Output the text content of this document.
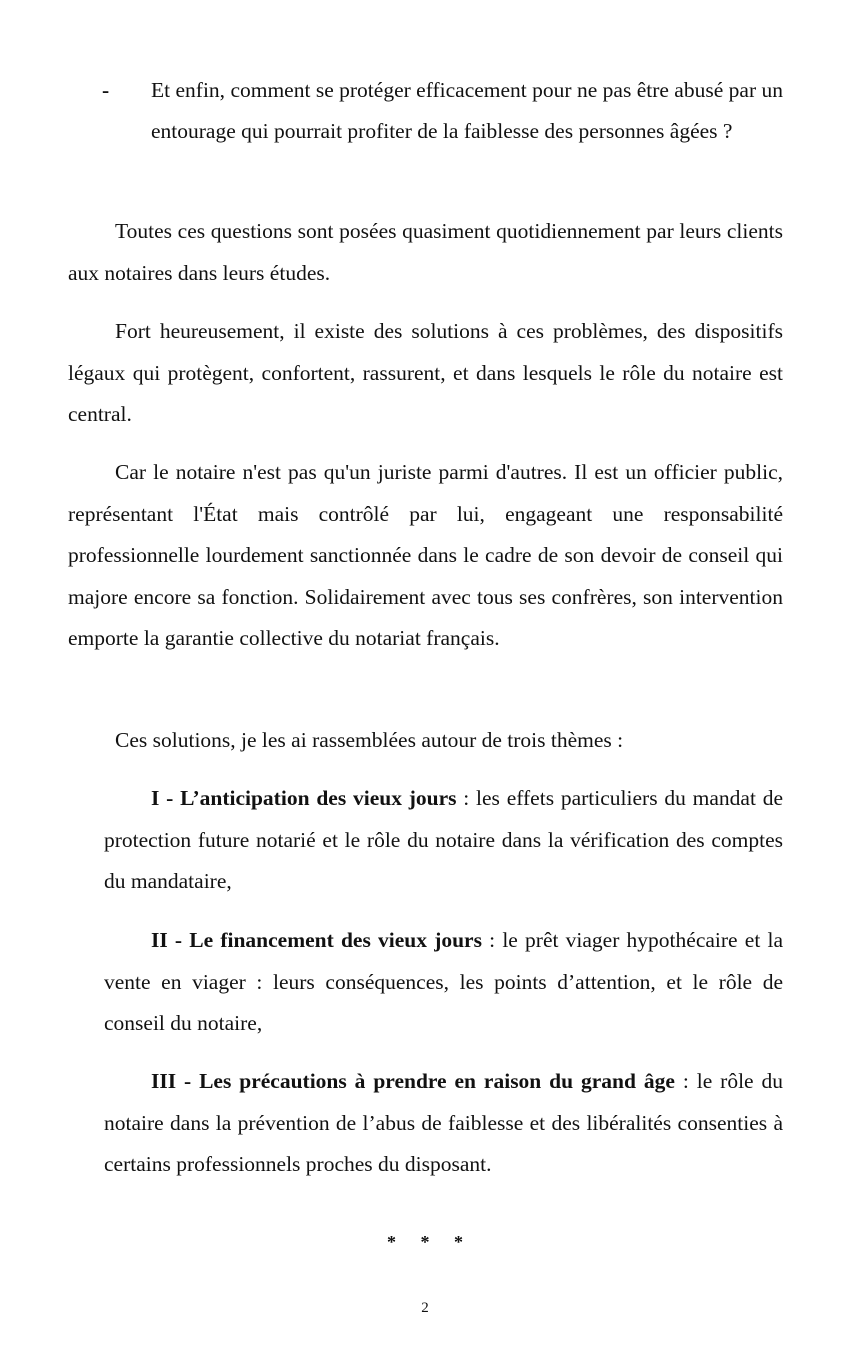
- Et enfin, comment se protéger efficacement pour ne pas être abusé par un entourage qui pourrait profiter de la faiblesse des personnes âgées ?

Toutes ces questions sont posées quasiment quotidiennement par leurs clients aux notaires dans leurs études.

Fort heureusement, il existe des solutions à ces problèmes, des dispositifs légaux qui protègent, confortent, rassurent, et dans lesquels le rôle du notaire est central.

Car le notaire n'est pas qu'un juriste parmi d'autres. Il est un officier public, représentant l'État mais contrôlé par lui, engageant une responsabilité professionnelle lourdement sanctionnée dans le cadre de son devoir de conseil qui majore encore sa fonction. Solidairement avec tous ses confrères, son intervention emporte la garantie collective du notariat français.

Ces solutions, je les ai rassemblées autour de trois thèmes :

I - L’anticipation des vieux jours : les effets particuliers du mandat de protection future notarié et le rôle du notaire dans la vérification des comptes du mandataire,

II - Le financement des vieux jours : le prêt viager hypothécaire et la vente en viager : leurs conséquences, les points d’attention, et le rôle de conseil du notaire,

III - Les précautions à prendre en raison du grand âge : le rôle du notaire dans la prévention de l’abus de faiblesse et des libéralités consenties à certains professionnels proches du disposant.

* * *
2
